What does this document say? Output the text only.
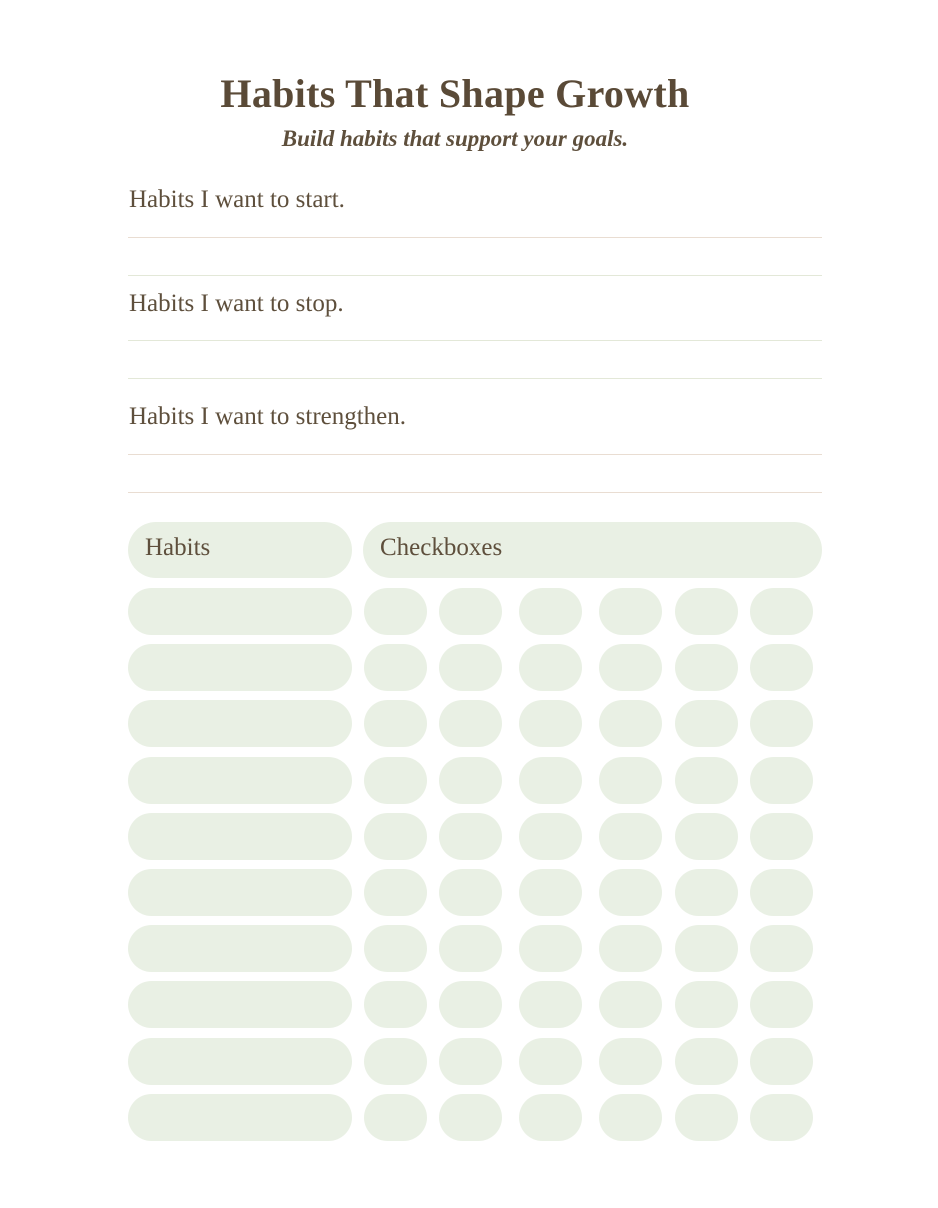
Habits That Shape Growth
Build habits that support your goals.
Habits I want to start.
Habits I want to stop.
Habits I want to strengthen.
Habits	Checkboxes
